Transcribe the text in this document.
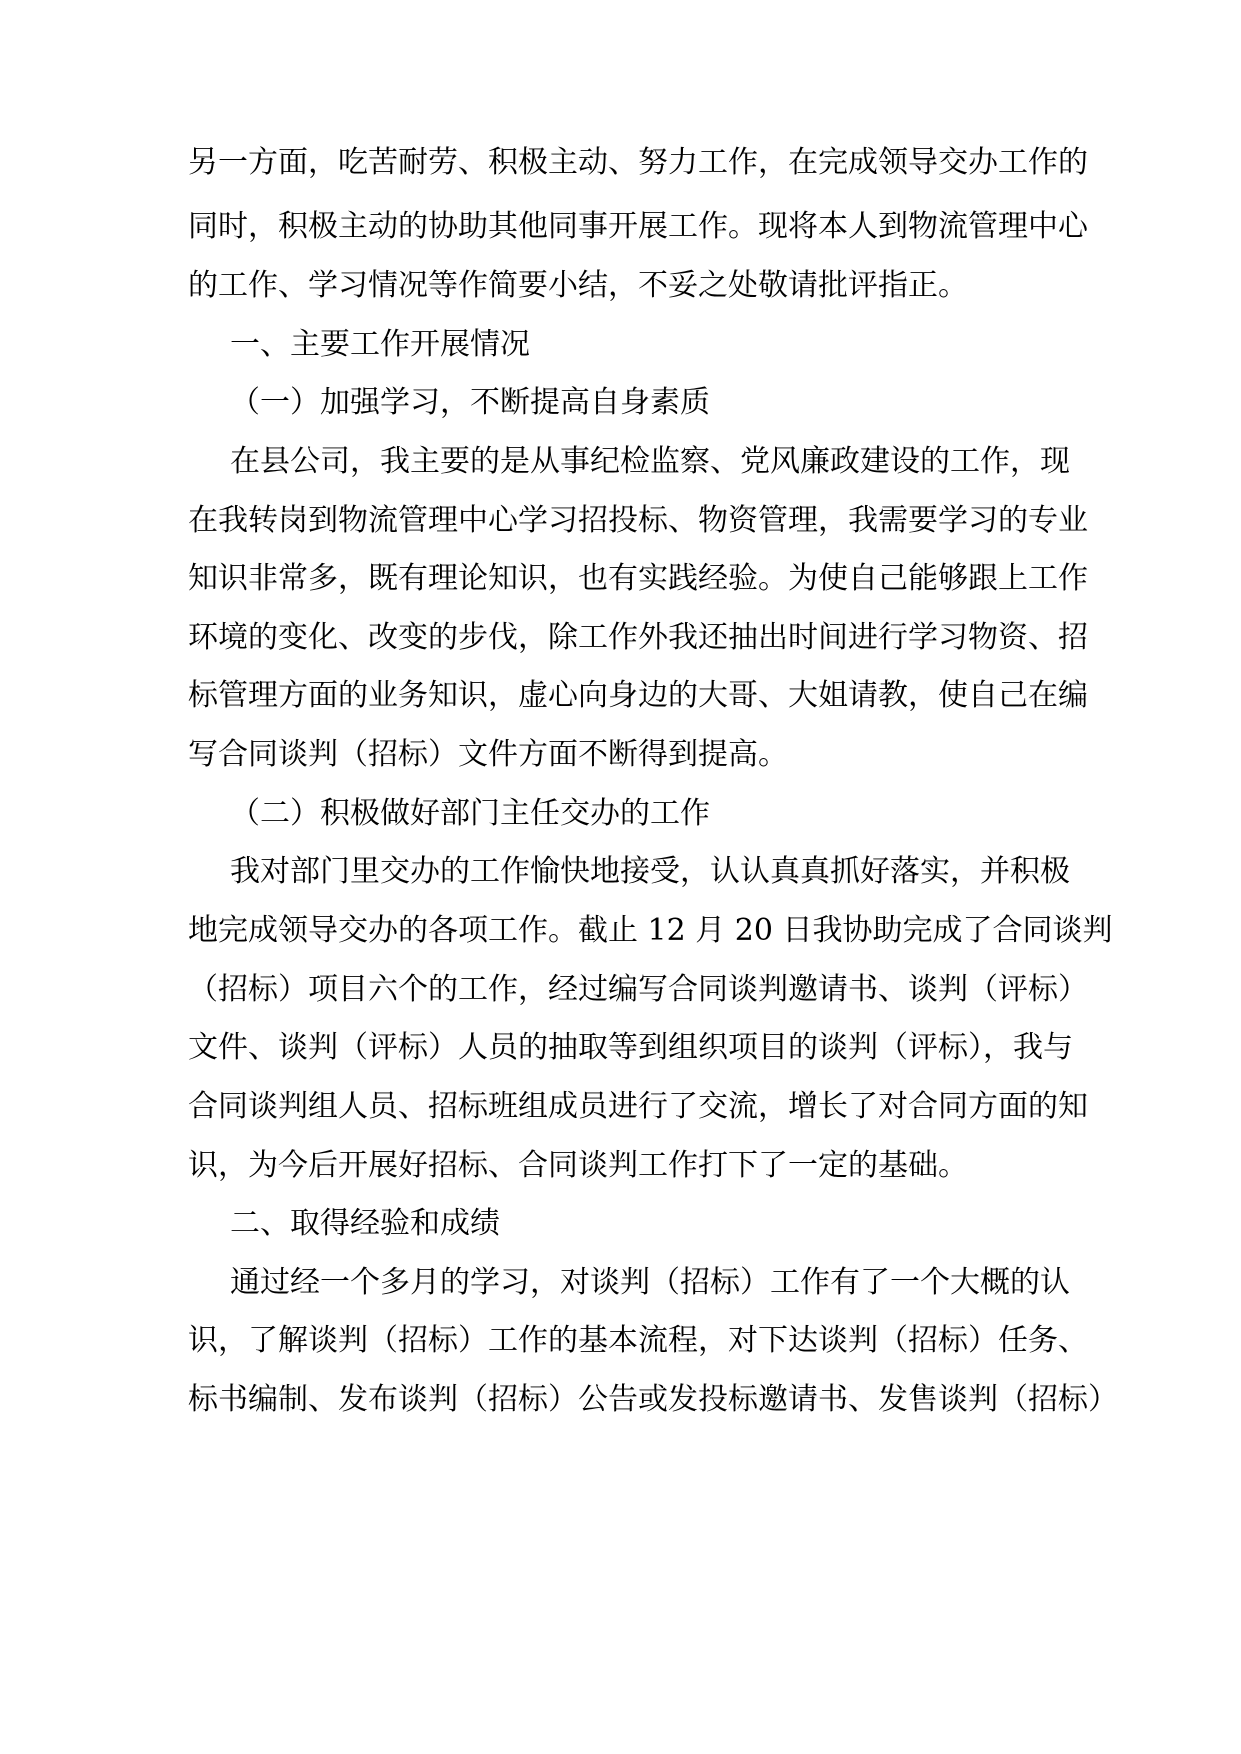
另一方面，吃苦耐劳、积极主动、努力工作，在完成领导交办工作的

同时，积极主动的协助其他同事开展工作。现将本人到物流管理中心

的工作、学习情况等作简要小结，不妥之处敬请批评指正。

一、主要工作开展情况

（一）加强学习，不断提高自身素质

在县公司，我主要的是从事纪检监察、党风廉政建设的工作，现

在我转岗到物流管理中心学习招投标、物资管理，我需要学习的专业

知识非常多，既有理论知识，也有实践经验。为使自己能够跟上工作

环境的变化、改变的步伐，除工作外我还抽出时间进行学习物资、招

标管理方面的业务知识，虚心向身边的大哥、大姐请教，使自己在编

写合同谈判（招标）文件方面不断得到提高。

（二）积极做好部门主任交办的工作

我对部门里交办的工作愉快地接受，认认真真抓好落实，并积极

地完成领导交办的各项工作。截止 12 月 20 日我协助完成了合同谈判

（招标）项目六个的工作，经过编写合同谈判邀请书、谈判（评标）

文件、谈判（评标）人员的抽取等到组织项目的谈判（评标），我与

合同谈判组人员、招标班组成员进行了交流，增长了对合同方面的知

识，为今后开展好招标、合同谈判工作打下了一定的基础。

二、取得经验和成绩

通过经一个多月的学习，对谈判（招标）工作有了一个大概的认

识，了解谈判（招标）工作的基本流程，对下达谈判（招标）任务、

标书编制、发布谈判（招标）公告或发投标邀请书、发售谈判（招标）
